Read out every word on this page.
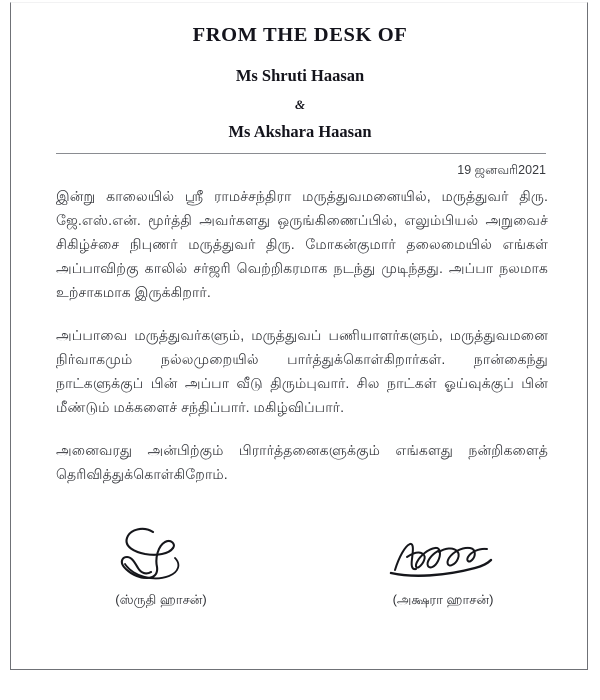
FROM THE DESK OF
Ms Shruti Haasan
&
Ms Akshara Haasan
19 ஜனவரி2021

இன்று காலையில் ஸ்ரீ ராமச்சந்திரா மருத்துவமனையில், மருத்துவர் திரு. ஜே.எஸ்.என். மூர்த்தி அவர்களது ஒருங்கிணைப்பில், எலும்பியல் அறுவைச் சிகிழ்ச்சை நிபுணர் மருத்துவர் திரு. மோகன்குமார் தலைமையில் எங்கள் அப்பாவிற்கு காலில் சர்ஜரி வெற்றிகரமாக நடந்து முடிந்தது. அப்பா நலமாக உற்சாகமாக இருக்கிறார்.

அப்பாவை மருத்துவர்களும், மருத்துவப் பணியாளர்களும், மருத்துவமனை நிர்வாகமும் நல்லமுறையில் பார்த்துக்கொள்கிறார்கள். நான்கைந்து நாட்களுக்குப் பின் அப்பா வீடு திரும்புவார். சில நாட்கள் ஓய்வுக்குப் பின் மீண்டும் மக்களைச் சந்திப்பார். மகிழ்விப்பார்.

அனைவரது அன்பிற்கும் பிரார்த்தனைகளுக்கும் எங்களது நன்றிகளைத் தெரிவித்துக்கொள்கிறோம்.

(ஸ்ருதி ஹாசன்)	(அக்ஷரா ஹாசன்)
